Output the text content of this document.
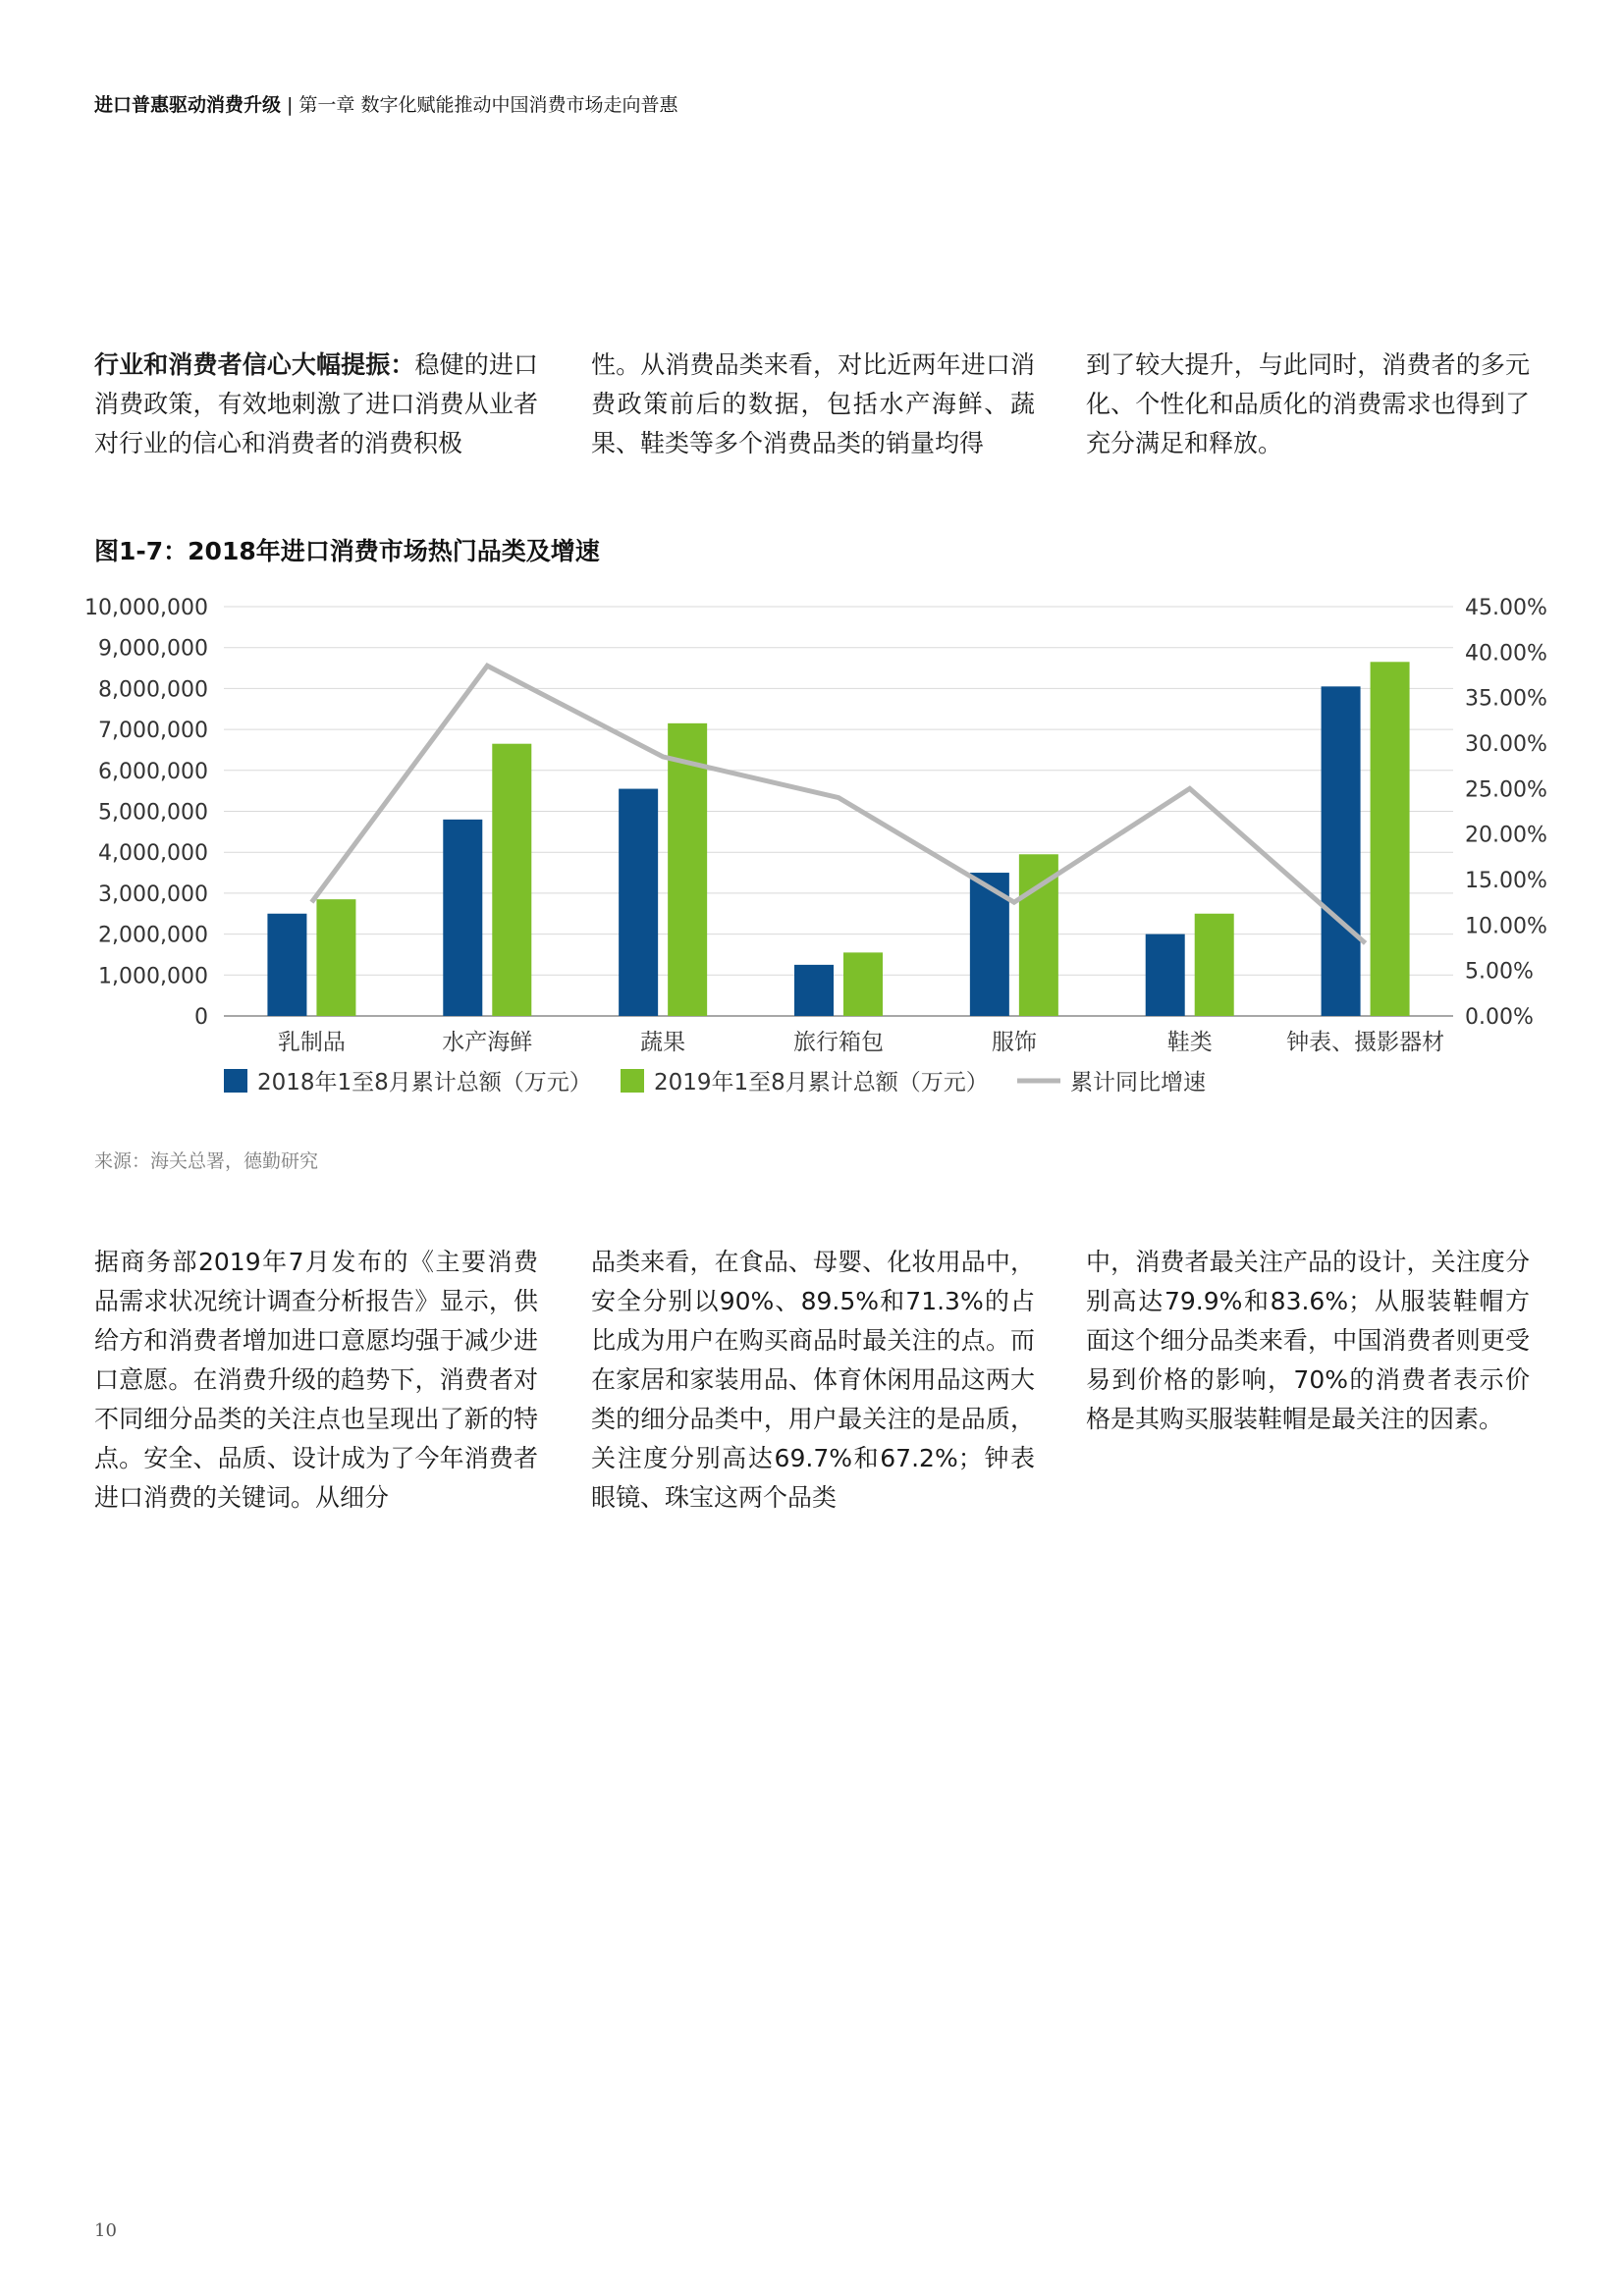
进口普惠驱动消费升级 | 第一章 数字化赋能推动中国消费市场走向普惠

行业和消费者信心大幅提振：稳健的进口消费政策，有效地刺激了进口消费从业者对行业的信心和消费者的消费积极

性。从消费品类来看，对比近两年进口消费政策前后的数据，包括水产海鲜、蔬果、鞋类等多个消费品类的销量均得

到了较大提升，与此同时，消费者的多元化、个性化和品质化的消费需求也得到了充分满足和释放。

图1-7：2018年进口消费市场热门品类及增速
0
1,000,000
2,000,000
3,000,000
4,000,000
5,000,000
6,000,000
7,000,000
8,000,000
9,000,000
10,000,000
0.00%
5.00%
10.00%
15.00%
20.00%
25.00%
30.00%
35.00%
40.00%
45.00%
乳制品	水产海鲜	蔬果	旅行箱包	服饰	鞋类	钟表、摄影器材
2018年1至8月累计总额（万元）	2019年1至8月累计总额（万元）	累计同比增速
来源：海关总署，德勤研究

据商务部2019年7月发布的《主要消费品需求状况统计调查分析报告》显示，供给方和消费者增加进口意愿均强于减少进口意愿。在消费升级的趋势下，消费者对不同细分品类的关注点也呈现出了新的特点。安全、品质、设计成为了今年消费者进口消费的关键词。从细分

品类来看，在食品、母婴、化妆用品中，安全分别以90%、89.5%和71.3%的占比成为用户在购买商品时最关注的点。而在家居和家装用品、体育休闲用品这两大类的细分品类中，用户最关注的是品质，关注度分别高达69.7%和67.2%；钟表眼镜、珠宝这两个品类

中，消费者最关注产品的设计，关注度分别高达79.9%和83.6%；从服装鞋帽方面这个细分品类来看，中国消费者则更受易到价格的影响，70%的消费者表示价格是其购买服装鞋帽是最关注的因素。

10
